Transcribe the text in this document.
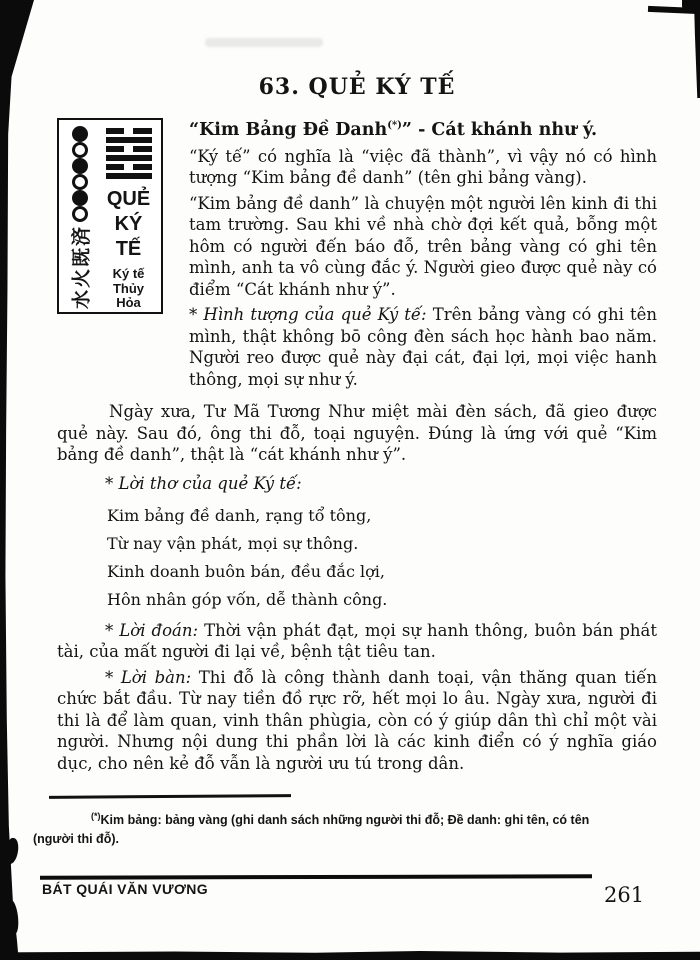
63. QUẺ KÝ TẾ
水火既済
QUẺ
KÝ
TẾ
Ký tế
Thủy
Hỏa

“Kim Bảng Đề Danh(*)” - Cát khánh như ý.

“Ký tế” có nghĩa là “việc đã thành”, vì vậy nó có hình tượng “Kim bảng đề danh” (tên ghi bảng vàng).

“Kim bảng đề danh” là chuyện một người lên kinh đi thi tam trường. Sau khi về nhà chờ đợi kết quả, bỗng một hôm có người đến báo đỗ, trên bảng vàng có ghi tên mình, anh ta vô cùng đắc ý. Người gieo được quẻ này có điểm “Cát khánh như ý”.

* Hình tượng của quẻ Ký tế: Trên bảng vàng có ghi tên mình, thật không bō công đèn sách học hành bao năm. Người reo được quẻ này đại cát, đại lợi, mọi việc hanh thông, mọi sự như ý.

Ngày xưa, Tư Mã Tương Như miệt mài đèn sách, đã gieo được quẻ này. Sau đó, ông thi đỗ, toại nguyện. Đúng là ứng với quẻ “Kim bảng đề danh”, thật là “cát khánh như ý”.

* Lời thơ của quẻ Ký tế:

Kim bảng đề danh, rạng tổ tông,

Từ nay vận phát, mọi sự thông.

Kinh doanh buôn bán, đều đắc lợi,

Hôn nhân góp vốn, dễ thành công.

* Lời đoán: Thời vận phát đạt, mọi sự hanh thông, buôn bán phát tài, của mất người đi lại về, bệnh tật tiêu tan.

* Lời bàn: Thi đỗ là công thành danh toại, vận thăng quan tiến chức bắt đầu. Từ nay tiền đồ rực rỡ, hết mọi lo âu. Ngày xưa, người đi thi là để làm quan, vinh thân phùgia, còn có ý giúp dân thì chỉ một vài người. Nhưng nội dung thi phần lời là các kinh điển có ý nghĩa giáo dục, cho nên kẻ đỗ vẫn là người ưu tú trong dân.

(*)Kim bảng: bảng vàng (ghi danh sách những người thi đỗ; Đề danh: ghi tên, có tên
(người thi đỗ).

BÁT QUÁI VĂN VƯƠNG	261
